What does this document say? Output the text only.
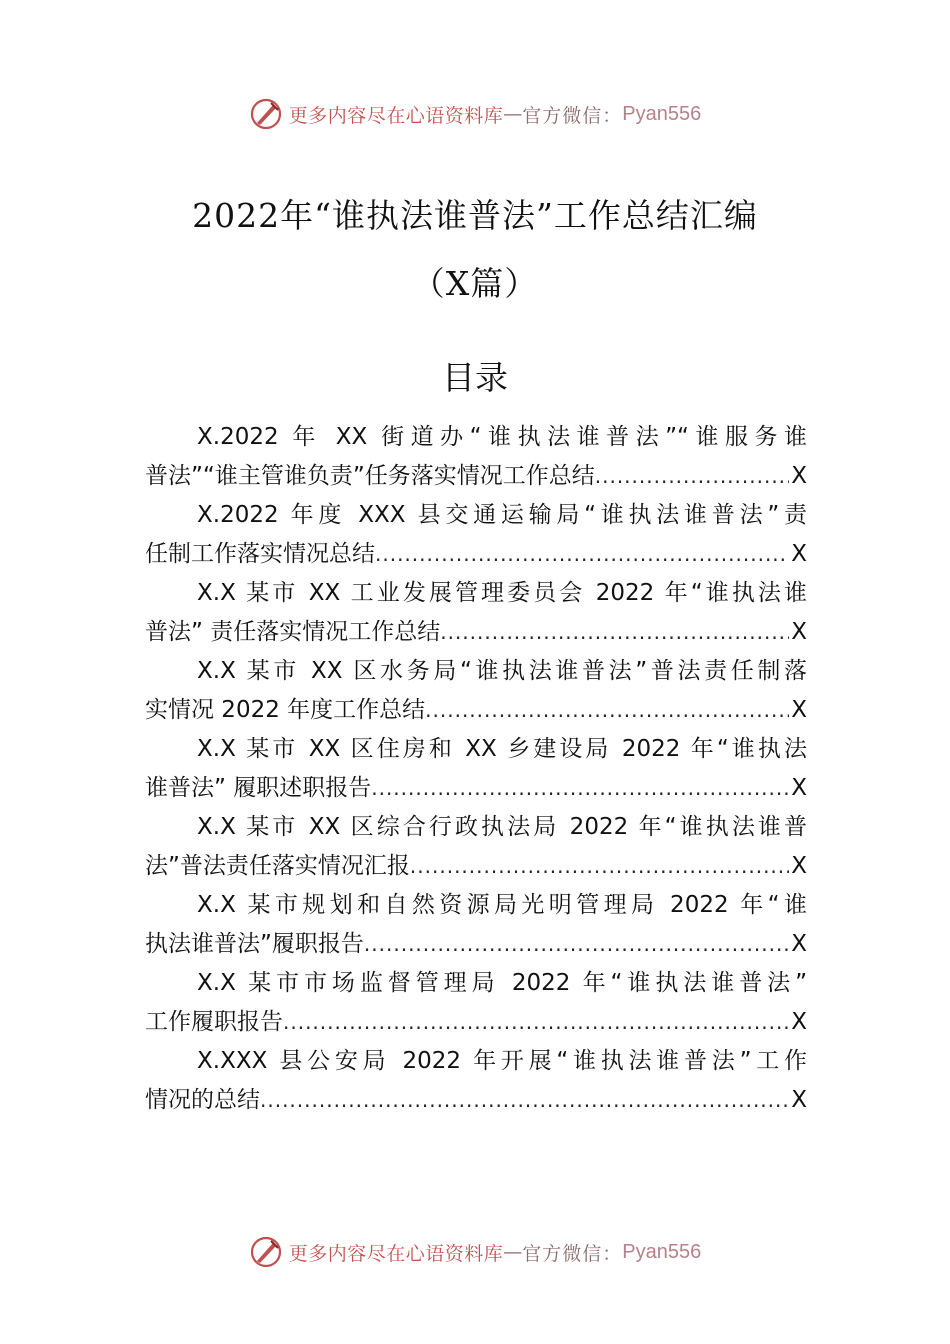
更多内容尽在心语资料库 — 官方微信： Pyan556
2022年“谁执法谁普法”工作总结汇编
（X篇）
目录
X.2022 年 XX 街道办“谁执法谁普法”“谁服务谁
普法”“谁主管谁负责”任务落实情况工作总结 .....	X
X.2022 年度 XXX 县交通运输局“谁执法谁普法”责
任制工作落实情况总结 .....	X
X.X 某市 XX 工业发展管理委员会 2022 年“谁执法谁
普法” 责任落实情况工作总结 .....	X
X.X 某市 XX 区水务局“谁执法谁普法”普法责任制落
实情况 2022 年度工作总结 .....	X
X.X 某市 XX 区住房和 XX 乡建设局 2022 年“谁执法
谁普法” 履职述职报告 .....	X
X.X 某市 XX 区综合行政执法局 2022 年“谁执法谁普
法”普法责任落实情况汇报 .....	X
X.X 某市规划和自然资源局光明管理局 2022 年“谁
执法谁普法”履职报告 .....	X
X.X 某市市场监督管理局 2022 年“谁执法谁普法”
工作履职报告 .....	X
X.XXX 县公安局 2022 年开展“谁执法谁普法”工作
情况的总结 .....	X
更多内容尽在心语资料库 — 官方微信： Pyan556
